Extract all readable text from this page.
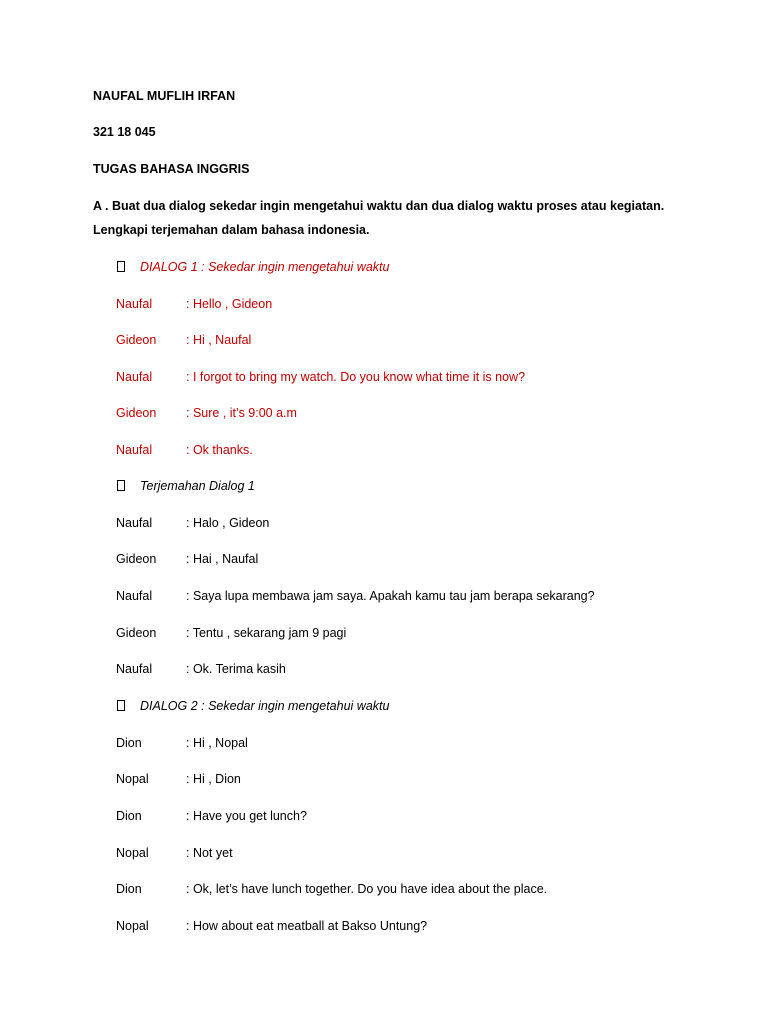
NAUFAL MUFLIH IRFAN
321 18 045
TUGAS BAHASA INGGRIS
A . Buat dua dialog sekedar ingin mengetahui waktu dan dua dialog waktu proses atau kegiatan.
Lengkapi terjemahan dalam bahasa indonesia.
DIALOG 1 : Sekedar ingin mengetahui waktu
Naufal	: Hello , Gideon
Gideon : Hi , Naufal
Naufal	: I forgot to bring my watch. Do you know what time it is now?
Gideon : Sure , it’s 9:00 a.m
Naufal	: Ok thanks.
Terjemahan Dialog 1
Naufal	: Halo , Gideon
Gideon : Hai , Naufal
Naufal	: Saya lupa membawa jam saya. Apakah kamu tau jam berapa sekarang?
Gideon : Tentu , sekarang jam 9 pagi
Naufal	: Ok. Terima kasih
DIALOG 2 : Sekedar ingin mengetahui waktu
Dion	: Hi , Nopal
Nopal	: Hi , Dion
Dion	: Have you get lunch?
Nopal	: Not yet
Dion	: Ok, let’s have lunch together. Do you have idea about the place.
Nopal	: How about eat meatball at Bakso Untung?
